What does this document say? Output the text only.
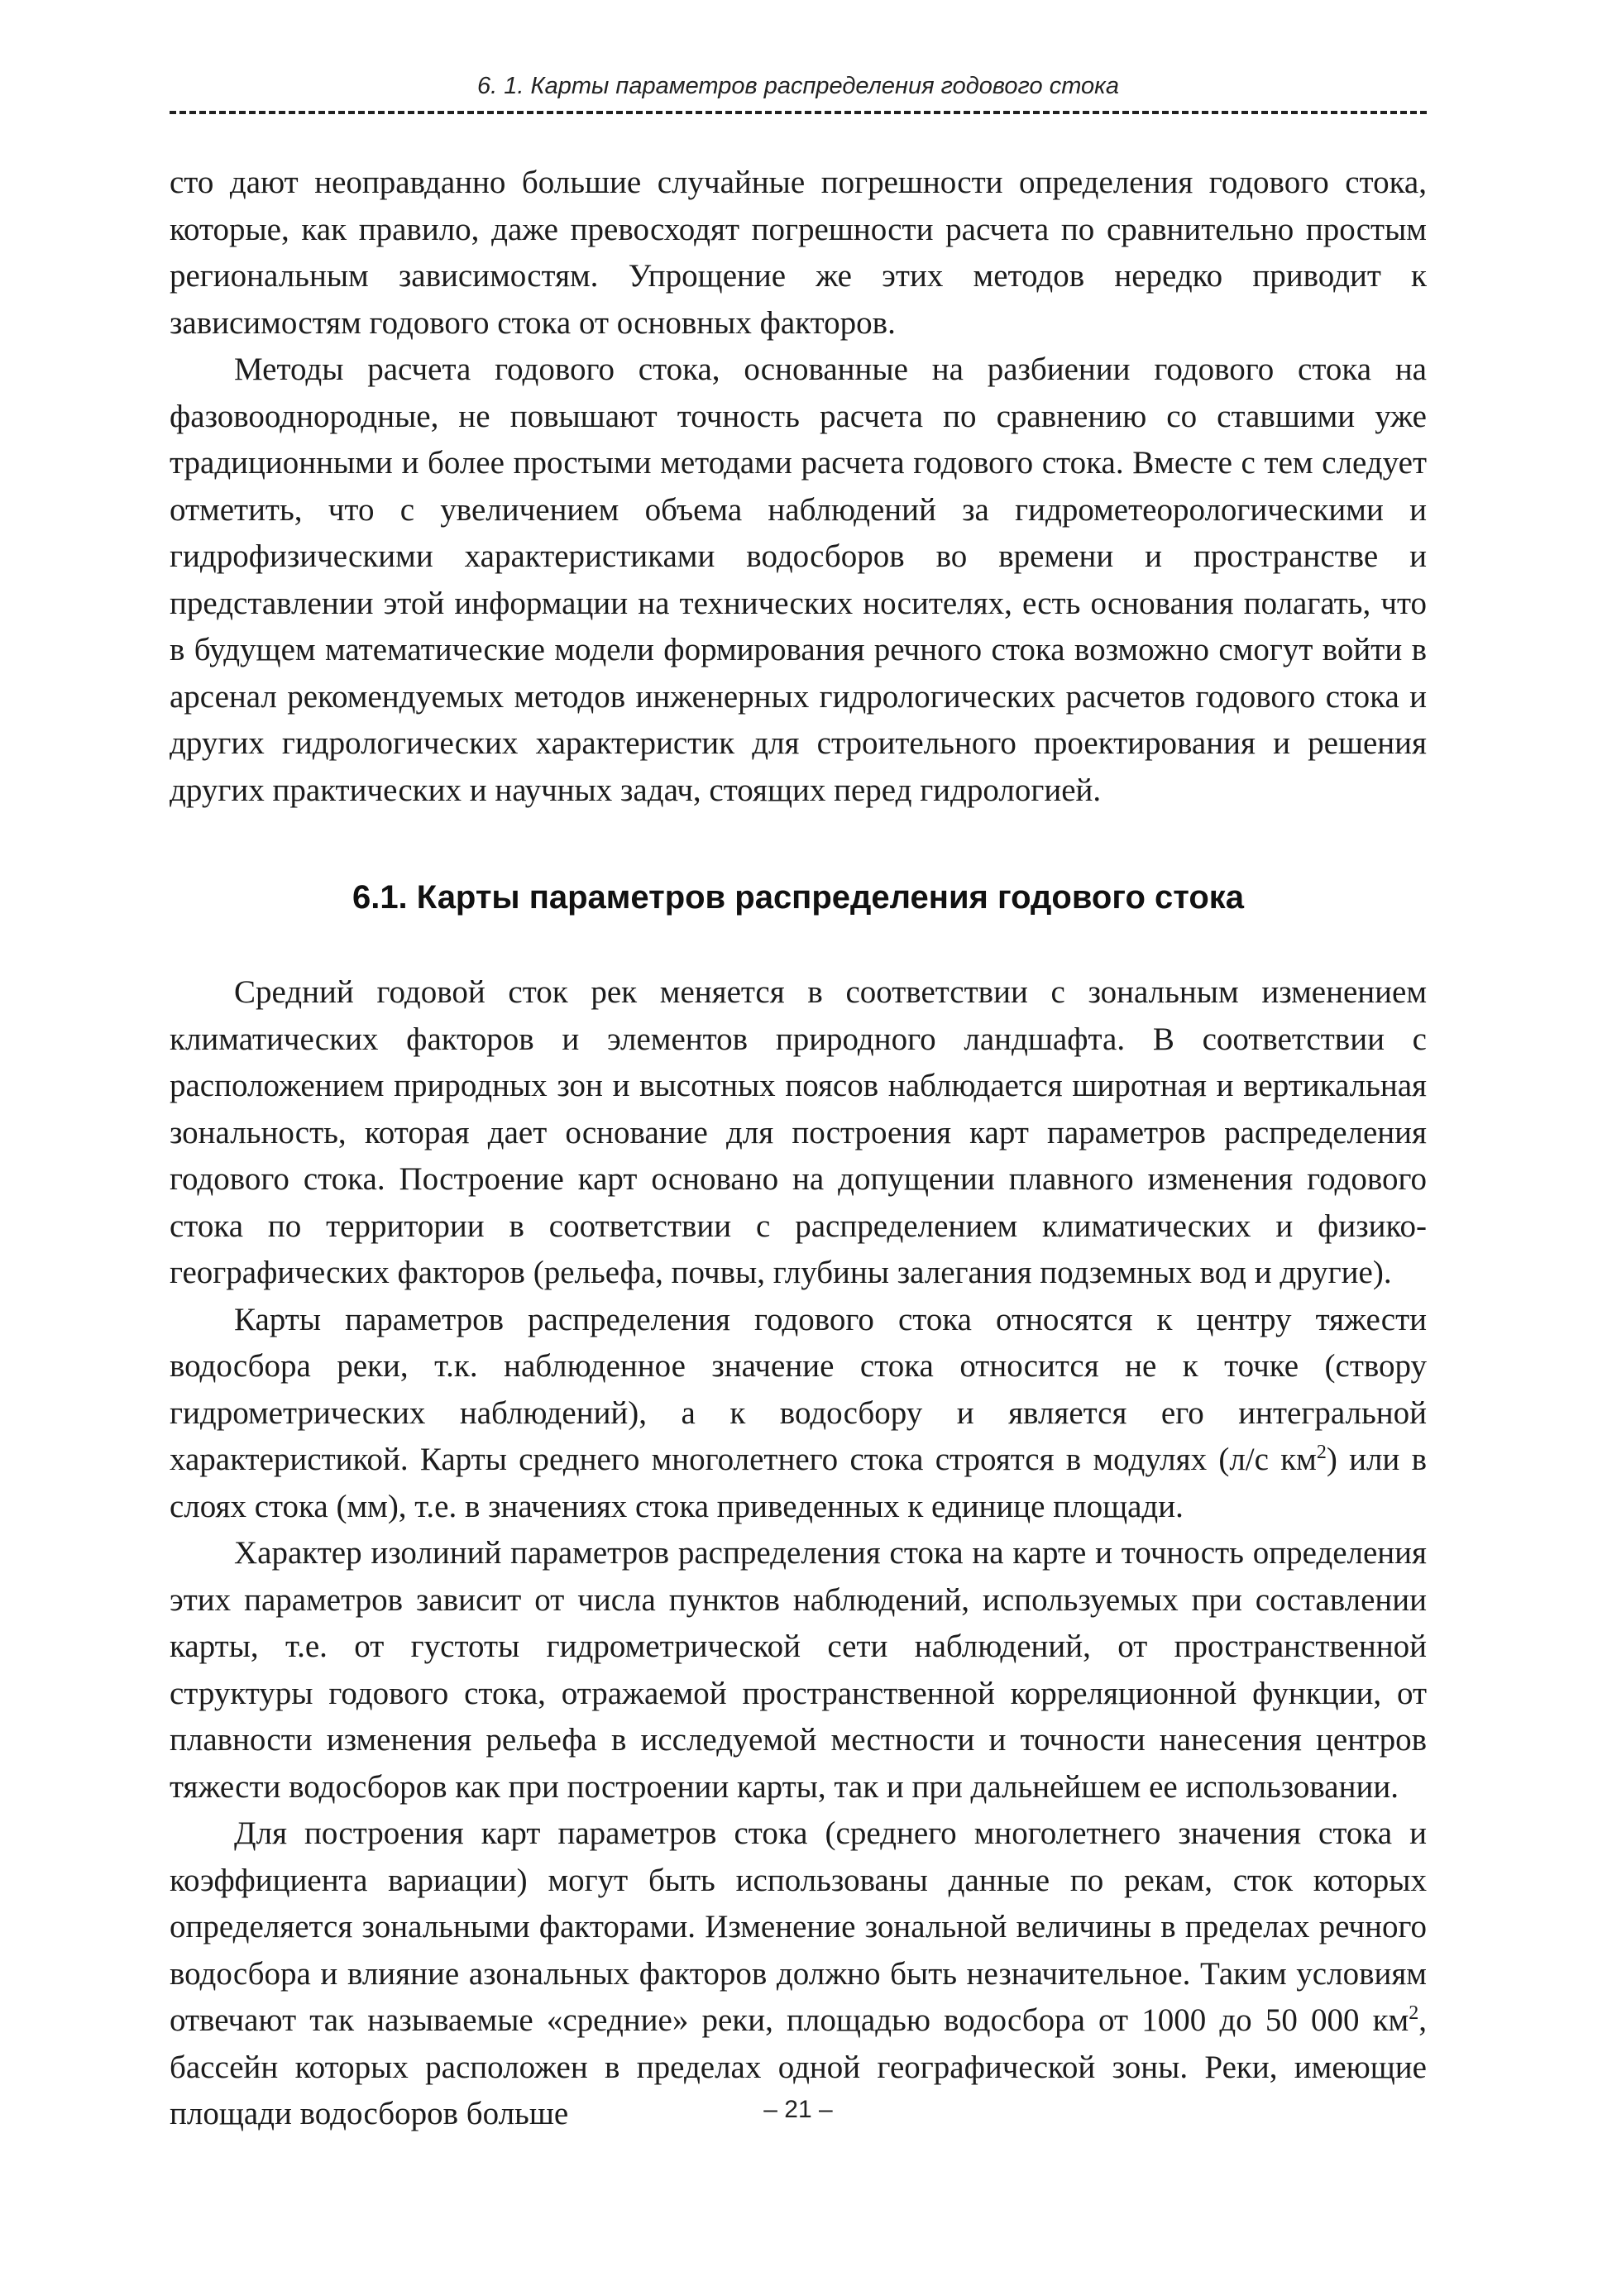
6. 1. Карты параметров распределения годового стока

сто дают неоправданно большие случайные погрешности определения годового стока, которые, как правило, даже превосходят погрешности расчета по сравнительно простым региональным зависимостям. Упрощение же этих методов нередко приводит к зависимостям годового стока от основных факторов.

Методы расчета годового стока, основанные на разбиении годового стока на фазовооднородные, не повышают точность расчета по сравнению со ставшими уже традиционными и более простыми методами расчета годового стока. Вместе с тем следует отметить, что с увеличением объема наблюдений за гидрометеорологическими и гидрофизическими характеристиками водосборов во времени и пространстве и представлении этой информации на технических носителях, есть основания полагать, что в будущем математические модели формирования речного стока возможно смогут войти в арсенал рекомендуемых методов инженерных гидрологических расчетов годового стока и других гидрологических характеристик для строительного проектирования и решения других практических и научных задач, стоящих перед гидрологией.

6.1. Карты параметров распределения годового стока

Средний годовой сток рек меняется в соответствии с зональным изменением климатических факторов и элементов природного ландшафта. В соответствии с расположением природных зон и высотных поясов наблюдается широтная и вертикальная зональность, которая дает основание для построения карт параметров распределения годового стока. Построение карт основано на допущении плавного изменения годового стока по территории в соответствии с распределением климатических и физико-географических факторов (рельефа, почвы, глубины залегания подземных вод и другие).

Карты параметров распределения годового стока относятся к центру тяжести водосбора реки, т.к. наблюденное значение стока относится не к точке (створу гидрометрических наблюдений), а к водосбору и является его интегральной характеристикой. Карты среднего многолетнего стока строятся в модулях (л/с $км^2$) или в слоях стока (мм), т.е. в значениях стока приведенных к единице площади.

Характер изолиний параметров распределения стока на карте и точность определения этих параметров зависит от числа пунктов наблюдений, используемых при составлении карты, т.е. от густоты гидрометрической сети наблюдений, от пространственной структуры годового стока, отражаемой пространственной корреляционной функции, от плавности изменения рельефа в исследуемой местности и точности нанесения центров тяжести водосборов как при построении карты, так и при дальнейшем ее использовании.

Для построения карт параметров стока (среднего многолетнего значения стока и коэффициента вариации) могут быть использованы данные по рекам, сток которых определяется зональными факторами. Изменение зональной величины в пределах речного водосбора и влияние азональных факторов должно быть незначительное. Таким условиям отвечают так называемые «средние» реки, площадью водосбора от 1000 до 50 000 $км^2$, бассейн которых расположен в пределах одной географической зоны. Реки, имеющие площади водосборов больше	– 21 –
